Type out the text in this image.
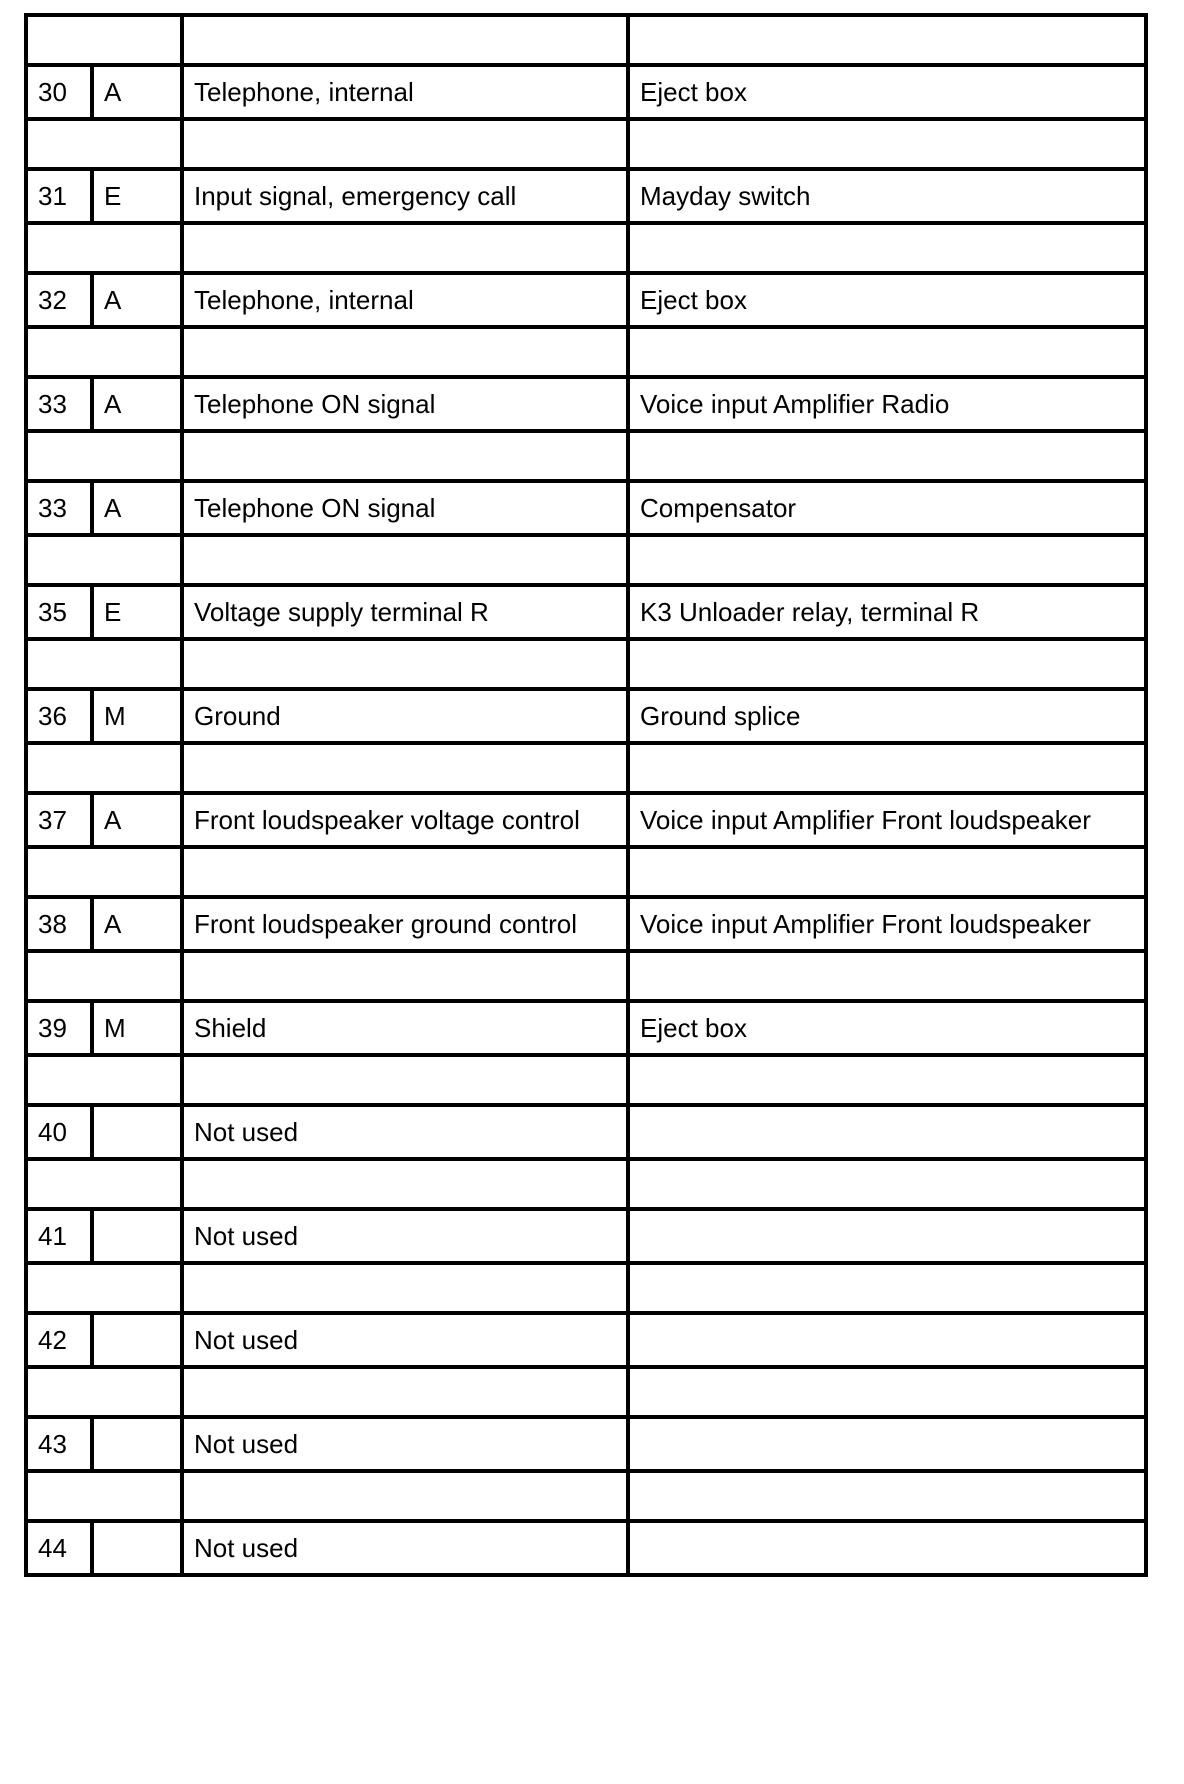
30	A	Telephone, internal	Eject box

31	E	Input signal, emergency call	Mayday switch

32	A	Telephone, internal	Eject box

33	A	Telephone ON signal	Voice input Amplifier Radio

33	A	Telephone ON signal	Compensator

35	E	Voltage supply terminal R	K3 Unloader relay, terminal R

36	M	Ground	Ground splice

37	A	Front loudspeaker voltage control	Voice input Amplifier Front loudspeaker

38	A	Front loudspeaker ground control	Voice input Amplifier Front loudspeaker

39	M	Shield	Eject box

40		Not used	

41		Not used	

42		Not used	

43		Not used	

44		Not used	
